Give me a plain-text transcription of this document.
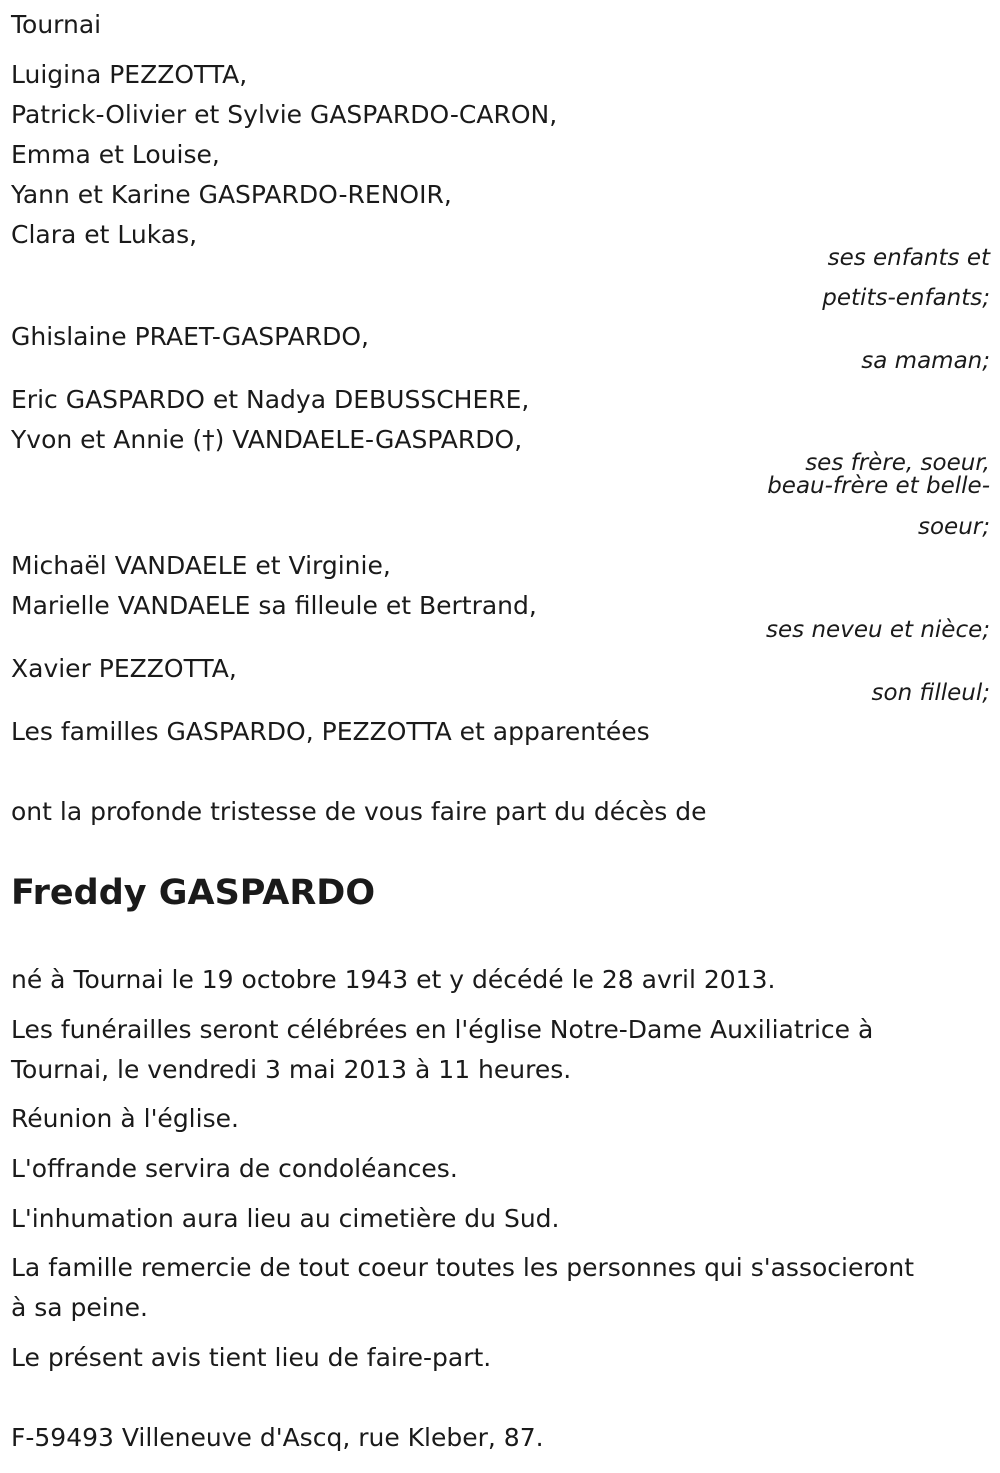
Tournai
Luigina PEZZOTTA,
Patrick-Olivier et Sylvie GASPARDO-CARON,
Emma et Louise,
Yann et Karine GASPARDO-RENOIR,
Clara et Lukas,
ses enfants et
petits-enfants;
Ghislaine PRAET-GASPARDO,
sa maman;
Eric GASPARDO et Nadya DEBUSSCHERE,
Yvon et Annie (†) VANDAELE-GASPARDO,
ses frère, soeur,
beau-frère et belle-
soeur;
Michaël VANDAELE et Virginie,
Marielle VANDAELE sa filleule et Bertrand,
ses neveu et nièce;
Xavier PEZZOTTA,
son filleul;
Les familles GASPARDO, PEZZOTTA et apparentées
ont la profonde tristesse de vous faire part du décès de
Freddy GASPARDO
né à Tournai le 19 octobre 1943 et y décédé le 28 avril 2013.
Les funérailles seront célébrées en l'église Notre-Dame Auxiliatrice à
Tournai, le vendredi 3 mai 2013 à 11 heures.
Réunion à l'église.
L'offrande servira de condoléances.
L'inhumation aura lieu au cimetière du Sud.
La famille remercie de tout coeur toutes les personnes qui s'associeront
à sa peine.
Le présent avis tient lieu de faire-part.
F-59493 Villeneuve d'Ascq, rue Kleber, 87.
